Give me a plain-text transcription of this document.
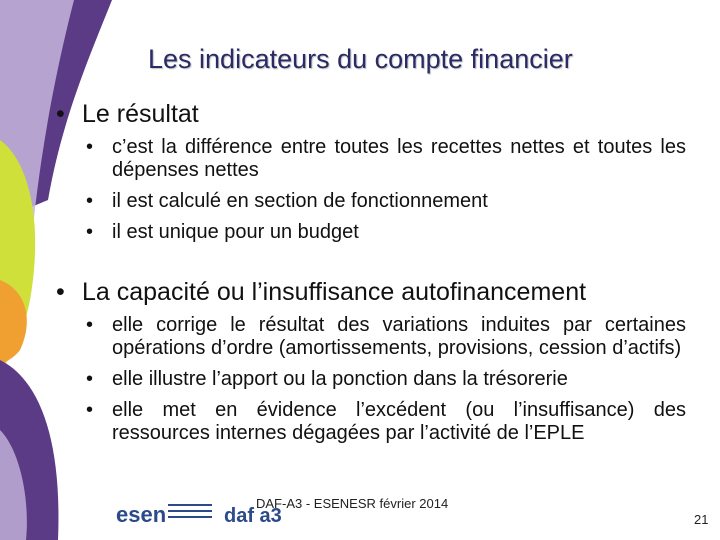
Les indicateurs du compte financier
• Le résultat
• c’est la différence entre toutes les recettes nettes et toutes les dépenses nettes
• il est calculé en section de fonctionnement
• il est unique pour un budget
• La capacité ou l’insuffisance autofinancement
• elle corrige le résultat des variations induites par certaines opérations d’ordre (amortissements, provisions, cession d’actifs)
• elle illustre l’apport ou la ponction dans la trésorerie
• elle met en évidence l’excédent (ou l’insuffisance) des ressources internes dégagées par l’activité de l’EPLE
esen	daf a3
DAF-A3 - ESENESR février 2014
21
